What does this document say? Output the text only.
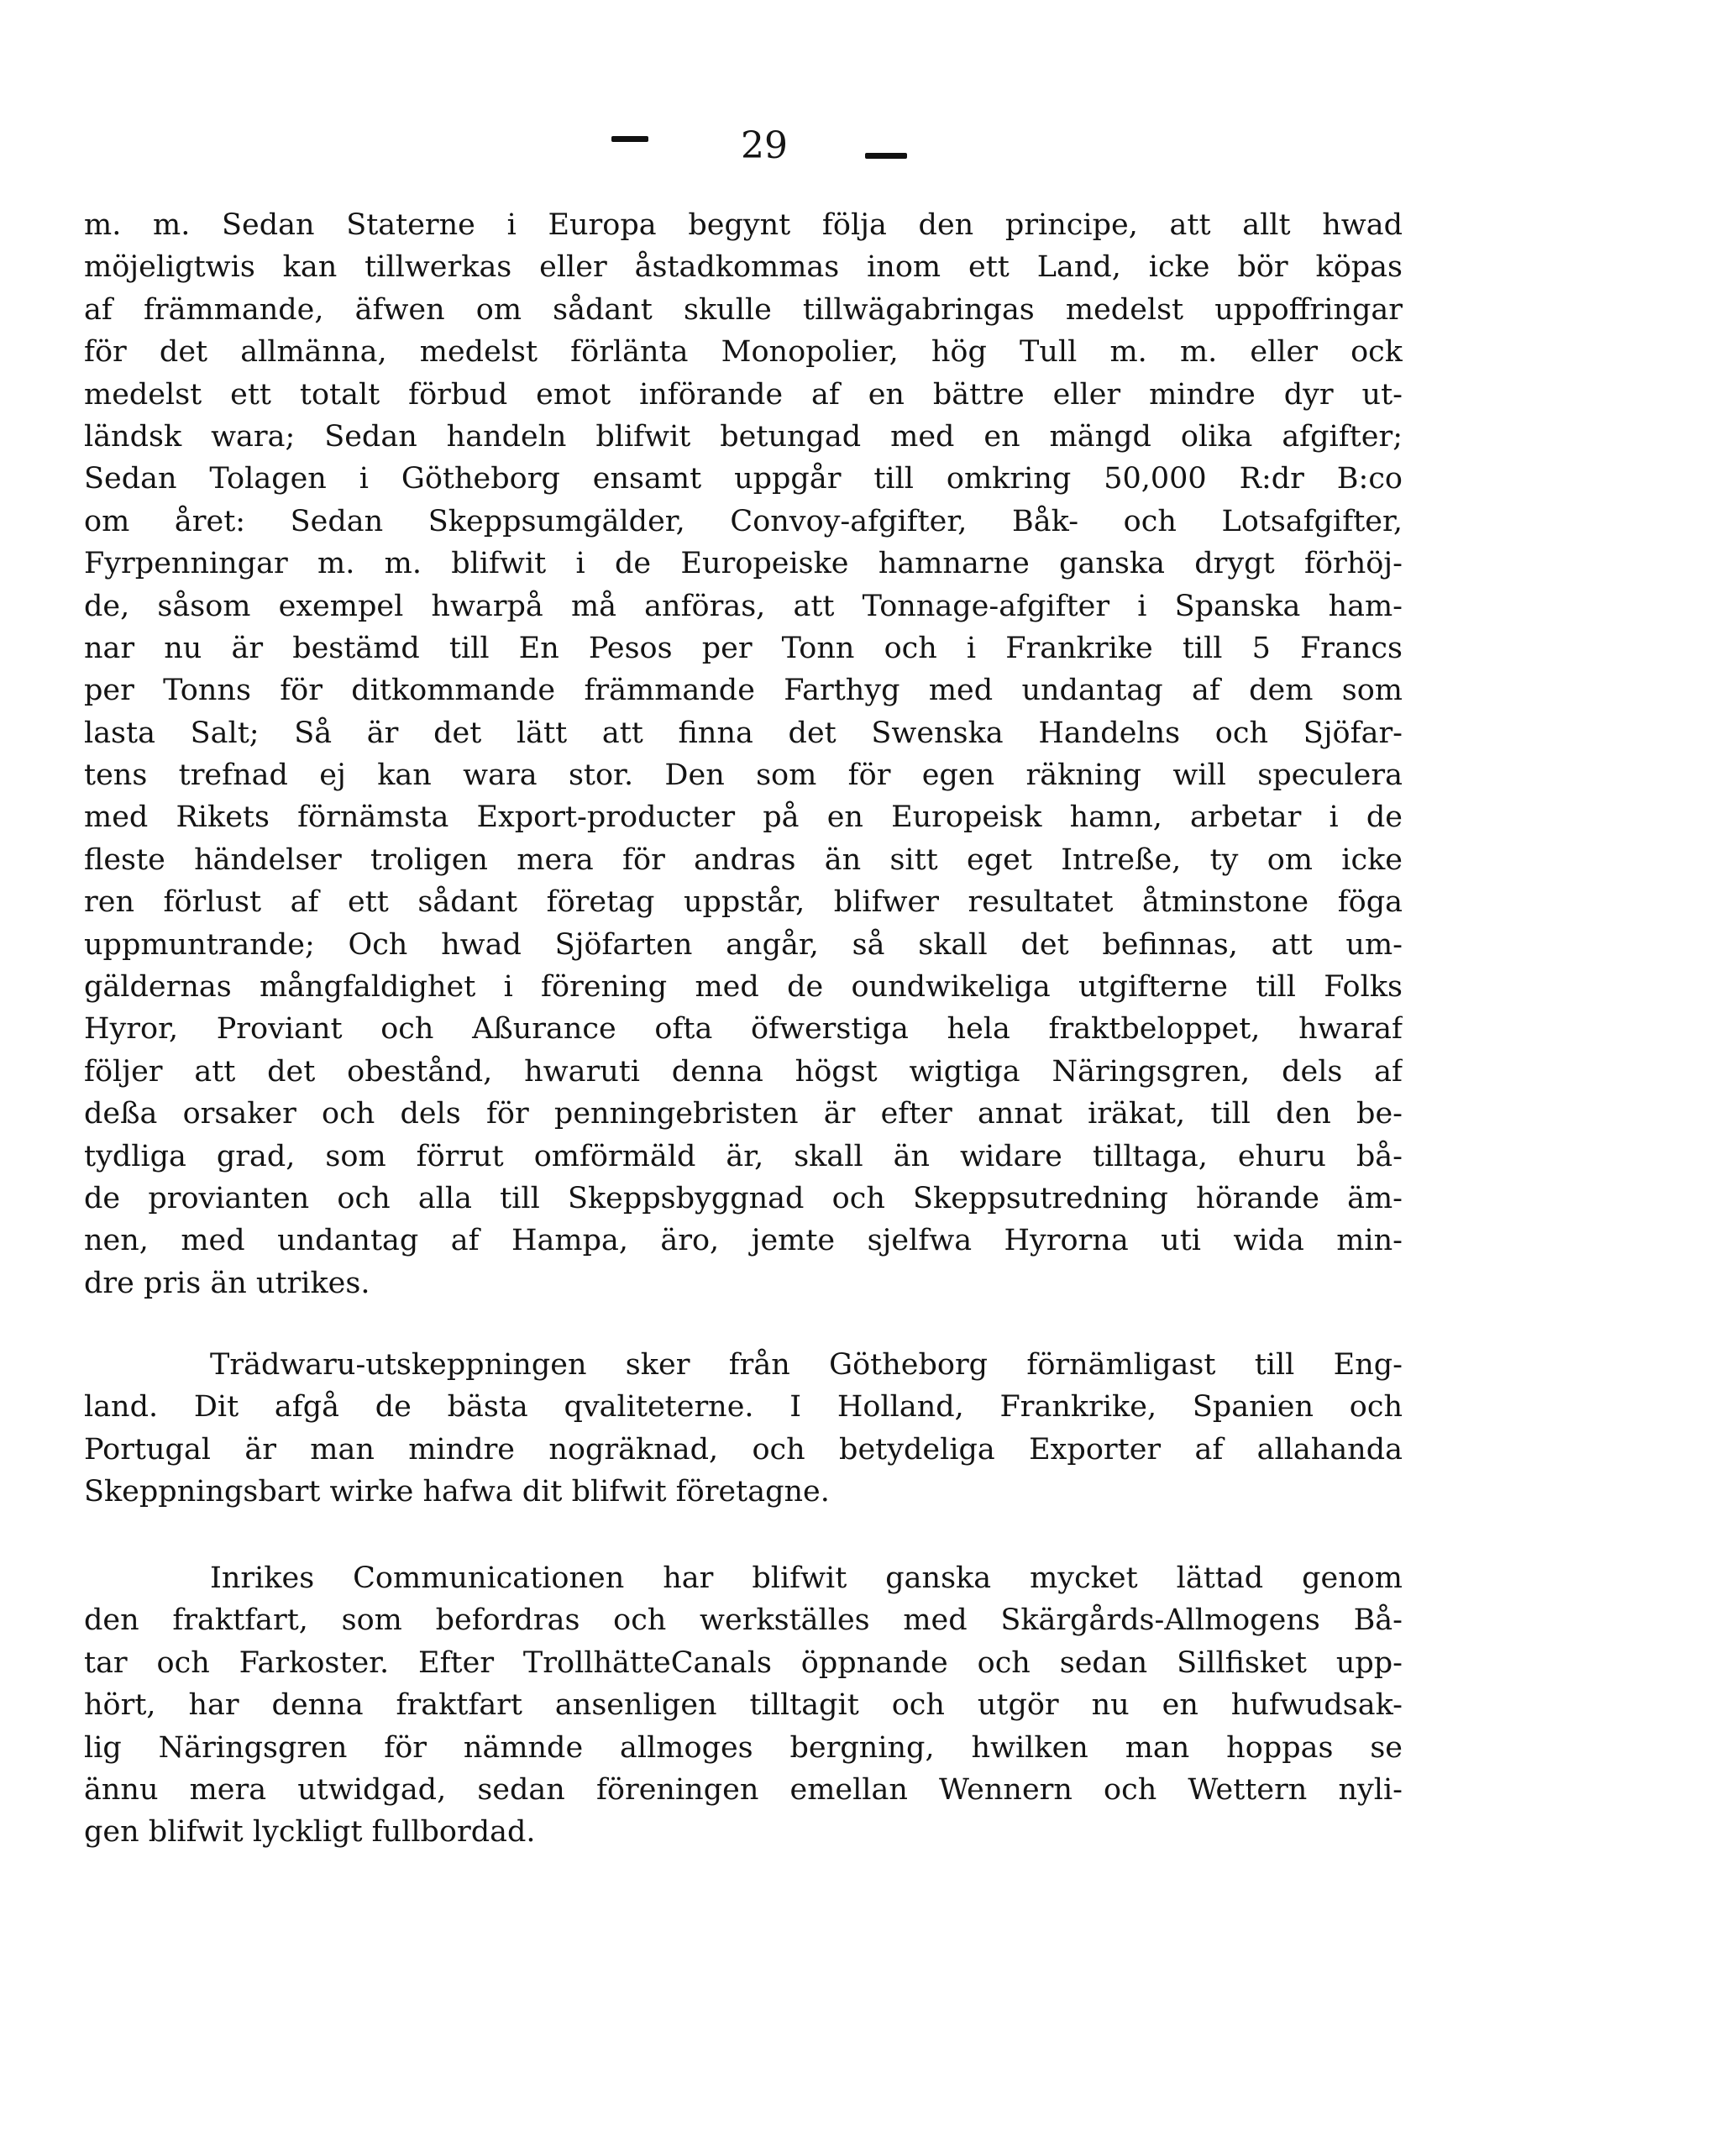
29
m. m. Sedan Staterne i Europa begynt följa den principe, att allt hwad
möjeligtwis kan tillwerkas eller åstadkommas inom ett Land, icke bör köpas
af främmande, äfwen om sådant skulle tillwägabringas medelst uppoffringar
för det allmänna, medelst förlänta Monopolier, hög Tull m. m. eller ock
medelst ett totalt förbud emot införande af en bättre eller mindre dyr ut-
ländsk wara; Sedan handeln blifwit betungad med en mängd olika afgifter;
Sedan Tolagen i Götheborg ensamt uppgår till omkring 50,000 R:dr B:co
om året: Sedan Skeppsumgälder, Convoy-afgifter, Båk- och Lotsafgifter,
Fyrpenningar m. m. blifwit i de Europeiske hamnarne ganska drygt förhöj-
de, såsom exempel hwarpå må anföras, att Tonnage-afgifter i Spanska ham-
nar nu är bestämd till En Pesos per Tonn och i Frankrike till 5 Francs
per Tonns för ditkommande främmande Farthyg med undantag af dem som
lasta Salt; Så är det lätt att finna det Swenska Handelns och Sjöfar-
tens trefnad ej kan wara stor. Den som för egen räkning will speculera
med Rikets förnämsta Export-producter på en Europeisk hamn, arbetar i de
fleste händelser troligen mera för andras än sitt eget Intreße, ty om icke
ren förlust af ett sådant företag uppstår, blifwer resultatet åtminstone föga
uppmuntrande; Och hwad Sjöfarten angår, så skall det befinnas, att um-
gäldernas mångfaldighet i förening med de oundwikeliga utgifterne till Folks
Hyror, Proviant och Aßurance ofta öfwerstiga hela fraktbeloppet, hwaraf
följer att det obestånd, hwaruti denna högst wigtiga Näringsgren, dels af
deßa orsaker och dels för penningebristen är efter annat iräkat, till den be-
tydliga grad, som förrut omförmäld är, skall än widare tilltaga, ehuru bå-
de provianten och alla till Skeppsbyggnad och Skeppsutredning hörande äm-
nen, med undantag af Hampa, äro, jemte sjelfwa Hyrorna uti wida min-
dre pris än utrikes.
Trädwaru-utskeppningen sker från Götheborg förnämligast till Eng-
land. Dit afgå de bästa qvaliteterne. I Holland, Frankrike, Spanien och
Portugal är man mindre nogräknad, och betydeliga Exporter af allahanda
Skeppningsbart wirke hafwa dit blifwit företagne.
Inrikes Communicationen har blifwit ganska mycket lättad genom
den fraktfart, som befordras och werkställes med Skärgårds-Allmogens Bå-
tar och Farkoster. Efter TrollhätteCanals öppnande och sedan Sillfisket upp-
hört, har denna fraktfart ansenligen tilltagit och utgör nu en hufwudsak-
lig Näringsgren för nämnde allmoges bergning, hwilken man hoppas se
ännu mera utwidgad, sedan föreningen emellan Wennern och Wettern nyli-
gen blifwit lyckligt fullbordad.
